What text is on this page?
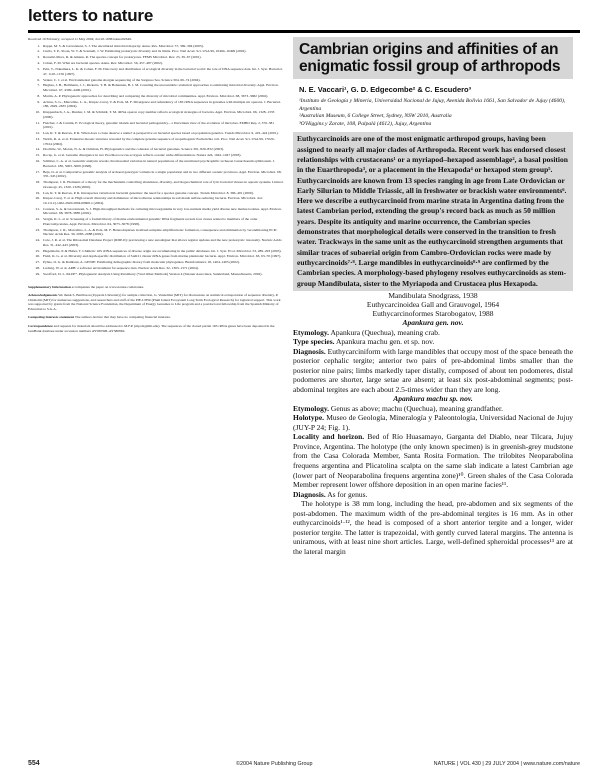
letters to nature

Received 10 February; accepted 11 May 2004; doi:10.1038/nature02649.

1. Rappé, M. S. & Giovannoni, S. J. The uncultured microbial majority. Annu. Rev. Microbiol. 57, 369–394 (2003).
2. Curtis, T. P., Sloan, W. T. & Scannell, J. W. Estimating prokaryotic diversity and its limits. Proc. Natl Acad. Sci. USA 99, 10494–10499 (2002).
3. Rosselló-Mora, R. & Amann, R. The species concept for prokaryotes. FEMS Microbiol. Rev. 25, 39–67 (2001).
4. Cohan, F. M. What are bacterial species. Annu. Rev. Microbiol. 56, 457–487 (2002).
5. Pelz, T., Nakamura, L. K. & Cohan, F. M. Discovery and distribution of ecological diversity in the bacterial world: the role of DNA sequence data. Int. J. Syst. Bacteriol. 47, 1145–1156 (1997).
6. Venter, C. J. et al. Environmental genome shotgun sequencing of the Sargasso Sea. Science 304, 66–74 (2004).
7. Hughes, J. B., Hellmann, J. J., Ricketts, T. H. & Bohannan, B. J. M. Counting the uncountable: statistical approaches to estimating microbial diversity. Appl. Environ. Microbiol. 67, 4399–4406 (2001).
8. Martin, A. P. Phylogenetic approaches for describing and comparing the diversity of microbial communities. Appl. Environ. Microbiol. 68, 3673–3682 (2002).
9. Acinas, S. G., Marcelino, L. A., Klepac-Ceraj, V. & Polz, M. F. Divergence and redundancy of 16S rRNA sequences in genomes with multiple rrn operons. J. Bacteriol. 186, 2629–2635 (2004).
10. Klappenbach, J. A., Dunbar, J. M. & Schmidt, T. M. rRNA operon copy number reflects ecological strategies of bacteria. Appl. Environ. Microbiol. 66, 1328–1333 (2000).
11. Fletcher, J. & Cantini, E. Ecological theory, genomic islands and bacterial pathogenicity... a Darwinian view of the evolution of microbes. EMBO Rep. 2, 376–381 (2001).
12. Lan, R. T. & Reeves, P. R. When does a clone deserve a name? A perspective on bacterial species based on population genetics. Trends Microbiol. 9, 419–424 (2001).
13. Welch, R. A. et al. Extensive mosaic structure revealed by the complete genome sequence of uropathogenic Escherichia coli. Proc. Natl Acad. Sci. USA 99, 17020–17024 (2002).
14. Doolittle, W., Moran, N. A. & Ochman, H. Phylogenetics and the cohesion of bacterial genomes. Science 301, 829–832 (2003).
15. Rocap, G. et al. Genome divergence in two Prochlorococcus ecotypes reflects oceanic niche differentiation. Nature 424, 1042–1047 (2003).
16. Schlüter, C. A. et al. Genomic analysis reveals chromosomal variation in natural populations of the uncultured psychrophilic archaeon Cenarchaeum symbiosum. J. Bacteriol. 180, 5003–5009 (1998).
17. Beja, O. et al. Comparative genomic analysis of archaeal genotypic variants in a single population and in two different oceanic provinces. Appl. Environ. Microbiol. 68, 335–345 (2002).
18. Thompson, J. R. Elements of a theory for the mechanisms controlling abundance, diversity, and biogeochemical role of lytic bacterial viruses in aquatic systems. Limnol. Oceanogr. 45, 1320–1328 (2000).
19. Lan, R. T. & Reeves, P. R. Intraspecies variation in bacterial genomes: the need for a species genome concept. Trends Microbiol. 8, 396–401 (2000).
20. Klepac-Ceraj, V. et al. High overall diversity and dominance of microdiverse relationships in salt marsh sulfate-reducing bacteria. Environ. Microbiol. doi: 10.1111/j.1462-2920.2004.00600.x (2004).
21. Connon, S. A. & Giovannoni, S. J. High-throughput methods for culturing microorganisms in very low-nutrient media yield diverse new marine isolates. Appl. Environ. Microbiol. 68, 3878–3885 (2002).
22. Vergin, K. L. et al. Screening of a fosmid library of marine environmental genomic DNA fragments reveals four clones related to members of the order Planctomycetales. Appl. Environ. Microbiol. 64, 3075–3078 (1998).
23. Thompson, J. R., Marcelino, L. A. & Polz, M. F. Heteroduplexes in mixed-template amplifications: formation, consequence and elimination by 'reconditioning PCR'. Nucleic Acids Res. 30, 2083–2088 (2002).
24. Cole, J. R. et al. The Ribosomal Database Project (RDP-II): previewing a new autoaligner that allows regular updates and the new prokaryotic taxonomy. Nucleic Acids Res. 31, 442–443 (2003).
25. Hugenholtz, P. & Huber, T. Chimeric 16S rDNA sequences of diverse origin are accumulating in the public databases. Int. J. Syst. Evol. Microbiol. 53, 289–293 (2003).
26. Field, K. G. et al. Diversity and depth-specific distribution of SAR11 cluster rRNA genes from marine planktonic bacteria. Appl. Environ. Microbiol. 63, 63–70 (1997).
27. Pybus, O. G. & Rambaut, A. GENIE: Estimating demographic history from molecular phylogenies. Bioinformatics 18, 1404–1405 (2002).
28. Ludwig, W. et al. ARB: a software environment for sequence data. Nucleic Acids Res. 32, 1363–1371 (2004).
29. Swofford, D. L. PAUP*. Phylogenetic Analysis Using Parsimony (*and Other Methods) Version 4 (Sinauer Associates, Sunderland, Massachusetts, 2002).

Supplementary Information accompanies the paper on www.nature.com/nature.

Acknowledgements We thank S. Bertilsson (Uppsala University) for sample collection, G. Vanzelmst (MIT) for discussions on statistical extrapolation of sequence diversity, P. Chisholm (MIT) for numerous suggestions, and researchers and staff of the PIE-LTER (Plum Island Ecosystem Long Term Ecological Research) for logistical support. This work was supported by grants from the National Science Foundation, the Department of Energy Genomes to Life program and a postdoctoral fellowship from the Spanish Ministry of Education to S.G.A.

Competing interests statement The authors declare that they have no competing financial interests.

Correspondence and requests for materials should be addressed to M.F.P. (mpolz@mit.edu). The sequences of the cloned partial 16S rRNA genes have been deposited in the GenBank database under accession numbers AY580598–AY580862.

Cambrian origins and affinities of an enigmatic fossil group of arthropods
N. E. Vaccari¹, G. D. Edgecombe² & C. Escudero³

¹Instituto de Geología y Minería, Universidad Nacional de Jujuy, Avenida Bolivia 1661, San Salvador de Jujuy (4600), Argentina

²Australian Museum, 6 College Street, Sydney, NSW 2010, Australia

³O'Higgins y Zarate, 108, Palpalá (4612), Jujuy, Argentina

Euthycarcinoids are one of the most enigmatic arthropod groups, having been assigned to nearly all major clades of Arthropoda. Recent work has endorsed closest relationships with crustaceans¹ or a myriapod–hexapod assemblage², a basal position in the Euarthropoda³, or a placement in the Hexapoda⁴ or hexapod stem group⁵. Euthycarcinoids are known from 13 species ranging in age from Late Ordovician or Early Silurian to Middle Triassic, all in freshwater or brackish water environments⁶. Here we describe a euthycarcinoid from marine strata in Argentina dating from the latest Cambrian period, extending the group's record back as much as 50 million years. Despite its antiquity and marine occurrence, the Cambrian species demonstrates that morphological details were conserved in the transition to fresh water. Trackways in the same unit as the euthycarcinoid strengthen arguments that similar traces of subaerial origin from Cambro-Ordovician rocks were made by euthycarcinoids⁷·⁸. Large mandibles in euthycarcinoids⁸·⁹ are confirmed by the Cambrian species. A morphology-based phylogeny resolves euthycarcinoids as stem-group Mandibulata, sister to the Myriapoda and Crustacea plus Hexapoda.

Mandibulata Snodgrass, 1938
Euthycarcinoidea Gall and Grauvogel, 1964
Euthycarcinoformes Starobogatov, 1988
Apankura gen. nov.

Etymology. Apankura (Quechua), meaning crab.

Type species. Apankura machu gen. et sp. nov.

Diagnosis. Euthycarciniform with large mandibles that occupy most of the space beneath the posterior cephalic tergite; anterior two pairs of pre-abdominal limbs smaller than the posterior nine pairs; limbs markedly taper distally, composed of about ten podomeres, distal podomeres are shorter, large setae are absent; at least six post-abdominal segments; post-abdominal tergites are each about 2.5-times wider than they are long.

Apankura machu sp. nov.

Etymology. Genus as above; machu (Quechua), meaning grandfather.

Holotype. Museo de Geología, Mineralogía y Paleontología, Universidad Nacional de Jujuy (JUY-P 24; Fig. 1).

Locality and horizon. Bed of Río Huasamayo, Garganta del Diablo, near Tilcara, Jujuy Province, Argentina. The holotype (the only known specimen) is in greenish-grey mudstone from the Casa Colorada Member, Santa Rosita Formation. The trilobites Neoparabolina frequens argentina and Plicatolina scalpta on the same slab indicate a latest Cambrian age (lower part of Neoparabolina frequens argentina zone)¹⁰. Green shales of the Casa Colorada Member represent lower offshore deposition in an open marine facies¹¹.

Diagnosis. As for genus.

The holotype is 38 mm long, including the head, pre-abdomen and six segments of the post-abdomen. The maximum width of the pre-abdominal tergites is 16 mm. As in other euthycarcinoids¹·¹², the head is composed of a short anterior tergite and a longer, wider posterior tergite. The latter is trapezoidal, with gently curved lateral margins. The antenna is uniramous, with at least nine short articles. Large, well-defined spheroidal processes¹³ are at the lateral margin

554	©2004 Nature Publishing Group	NATURE | VOL 430 | 29 JULY 2004 | www.nature.com/nature
